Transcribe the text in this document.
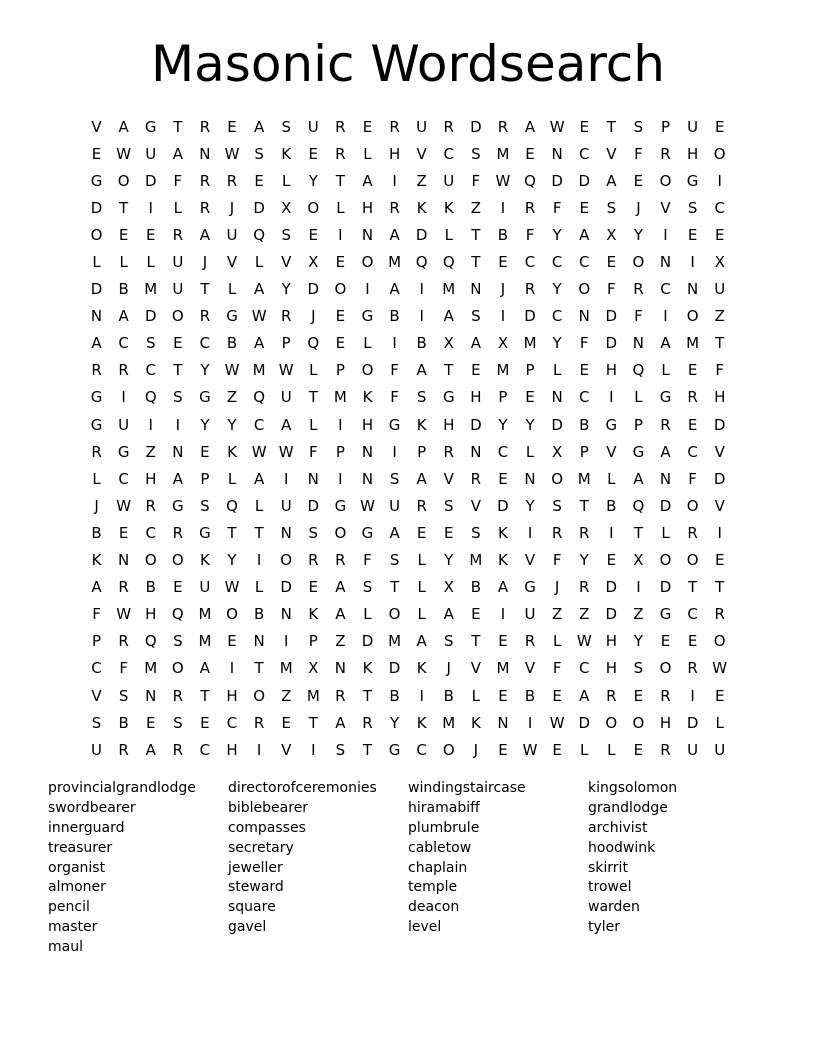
Masonic Wordsearch
V	A	G	T	R	E	A	S	U	R	E	R	U	R	D	R	A W E	T	S	P	U	E
E W U	A	N W S	K	E	R	L	H	V	C	S	M	E	N	C	V	F	R	H	O
G	O	D	F	R	R	E	L	Y	T	A	I	Z	U	F	W Q	D	D	A	E	O	G	I
D	T	I	L	R	J	D	X	O	L	H	R	K	K	Z	I	R	F	E	S	J	V	S	C
O	E	E	R	A	U	Q	S	E	I	N	A	D	L	T	B	F	Y	A	X	Y	I	E	E
L	L	L	U	J	V	L	V	X	E	O M Q	Q	T	E	C	C	C	E	O	N	I	X
D	B	M	U	T	L	A	Y	D	O	I	A	I	M	N	J	R	Y	O	F	R	C	N	U
N	A	D	O	R	G W R	J	E	G	B	I	A	S	I	D	C	N	D	F	I	O	Z
A	C	S	E	C	B	A	P	Q	E	L	I	B	X	A	X	M	Y	F	D	N	A	M	T
R	R	C	T	Y	W M W	L	P	O	F	A	T	E	M	P	L	E	H	Q	L	E	F
G	I	Q	S	G	Z	Q	U	T	M	K	F	S	G	H	P	E	N	C	I	L	G	R	H
G	U	I	I	Y	Y	C	A	L	I	H	G	K	H	D	Y	Y	D	B	G	P	R	E	D
R	G	Z	N	E	K W W	F	P	N	I	P	R	N	C	L	X	P	V	G	A	C	V
L	C	H	A	P	L	A	I	N	I	N	S	A	V	R	E	N	O M	L	A	N	F	D
J	W R	G	S	Q	L	U	D	G W U	R	S	V	D	Y	S	T	B	Q	D	O	V
B	E	C	R	G	T	T	N	S	O	G	A	E	E	S	K	I	R	R	I	T	L	R	I
K	N	O	O	K	Y	I	O	R	R	F	S	L	Y	M	K	V	F	Y	E	X	O	O	E
A	R	B	E	U W	L	D	E	A	S	T	L	X	B	A	G	J	R	D	I	D	T	T
F	W H	Q M O	B	N	K	A	L	O	L	A	E	I	U	Z	Z	D	Z	G	C	R
P	R	Q	S	M	E	N	I	P	Z	D M	A	S	T	E	R	L	W H	Y	E	E	O
C	F	M O	A	I	T	M	X	N	K	D	K	J	V	M	V	F	C	H	S	O	R W
V	S	N	R	T	H	O	Z	M	R	T	B	I	B	L	E	B	E	A	R	E	R	I	E
S	B	E	S	E	C	R	E	T	A	R	Y	K	M	K	N	I	W D	O	O	H	D	L
U	R	A	R	C	H	I	V	I	S	T	G	C	O	J	E W E	L	L	E	R	U	U
provincialgrandlodge
swordbearer
innerguard
treasurer
organist
almoner
pencil
master
maul
directorofceremonies
biblebearer
compasses
secretary
jeweller
steward
square
gavel
windingstaircase
hiramabiff
plumbrule
cabletow
chaplain
temple
deacon
level
kingsolomon
grandlodge
archivist
hoodwink
skirrit
trowel
warden
tyler
